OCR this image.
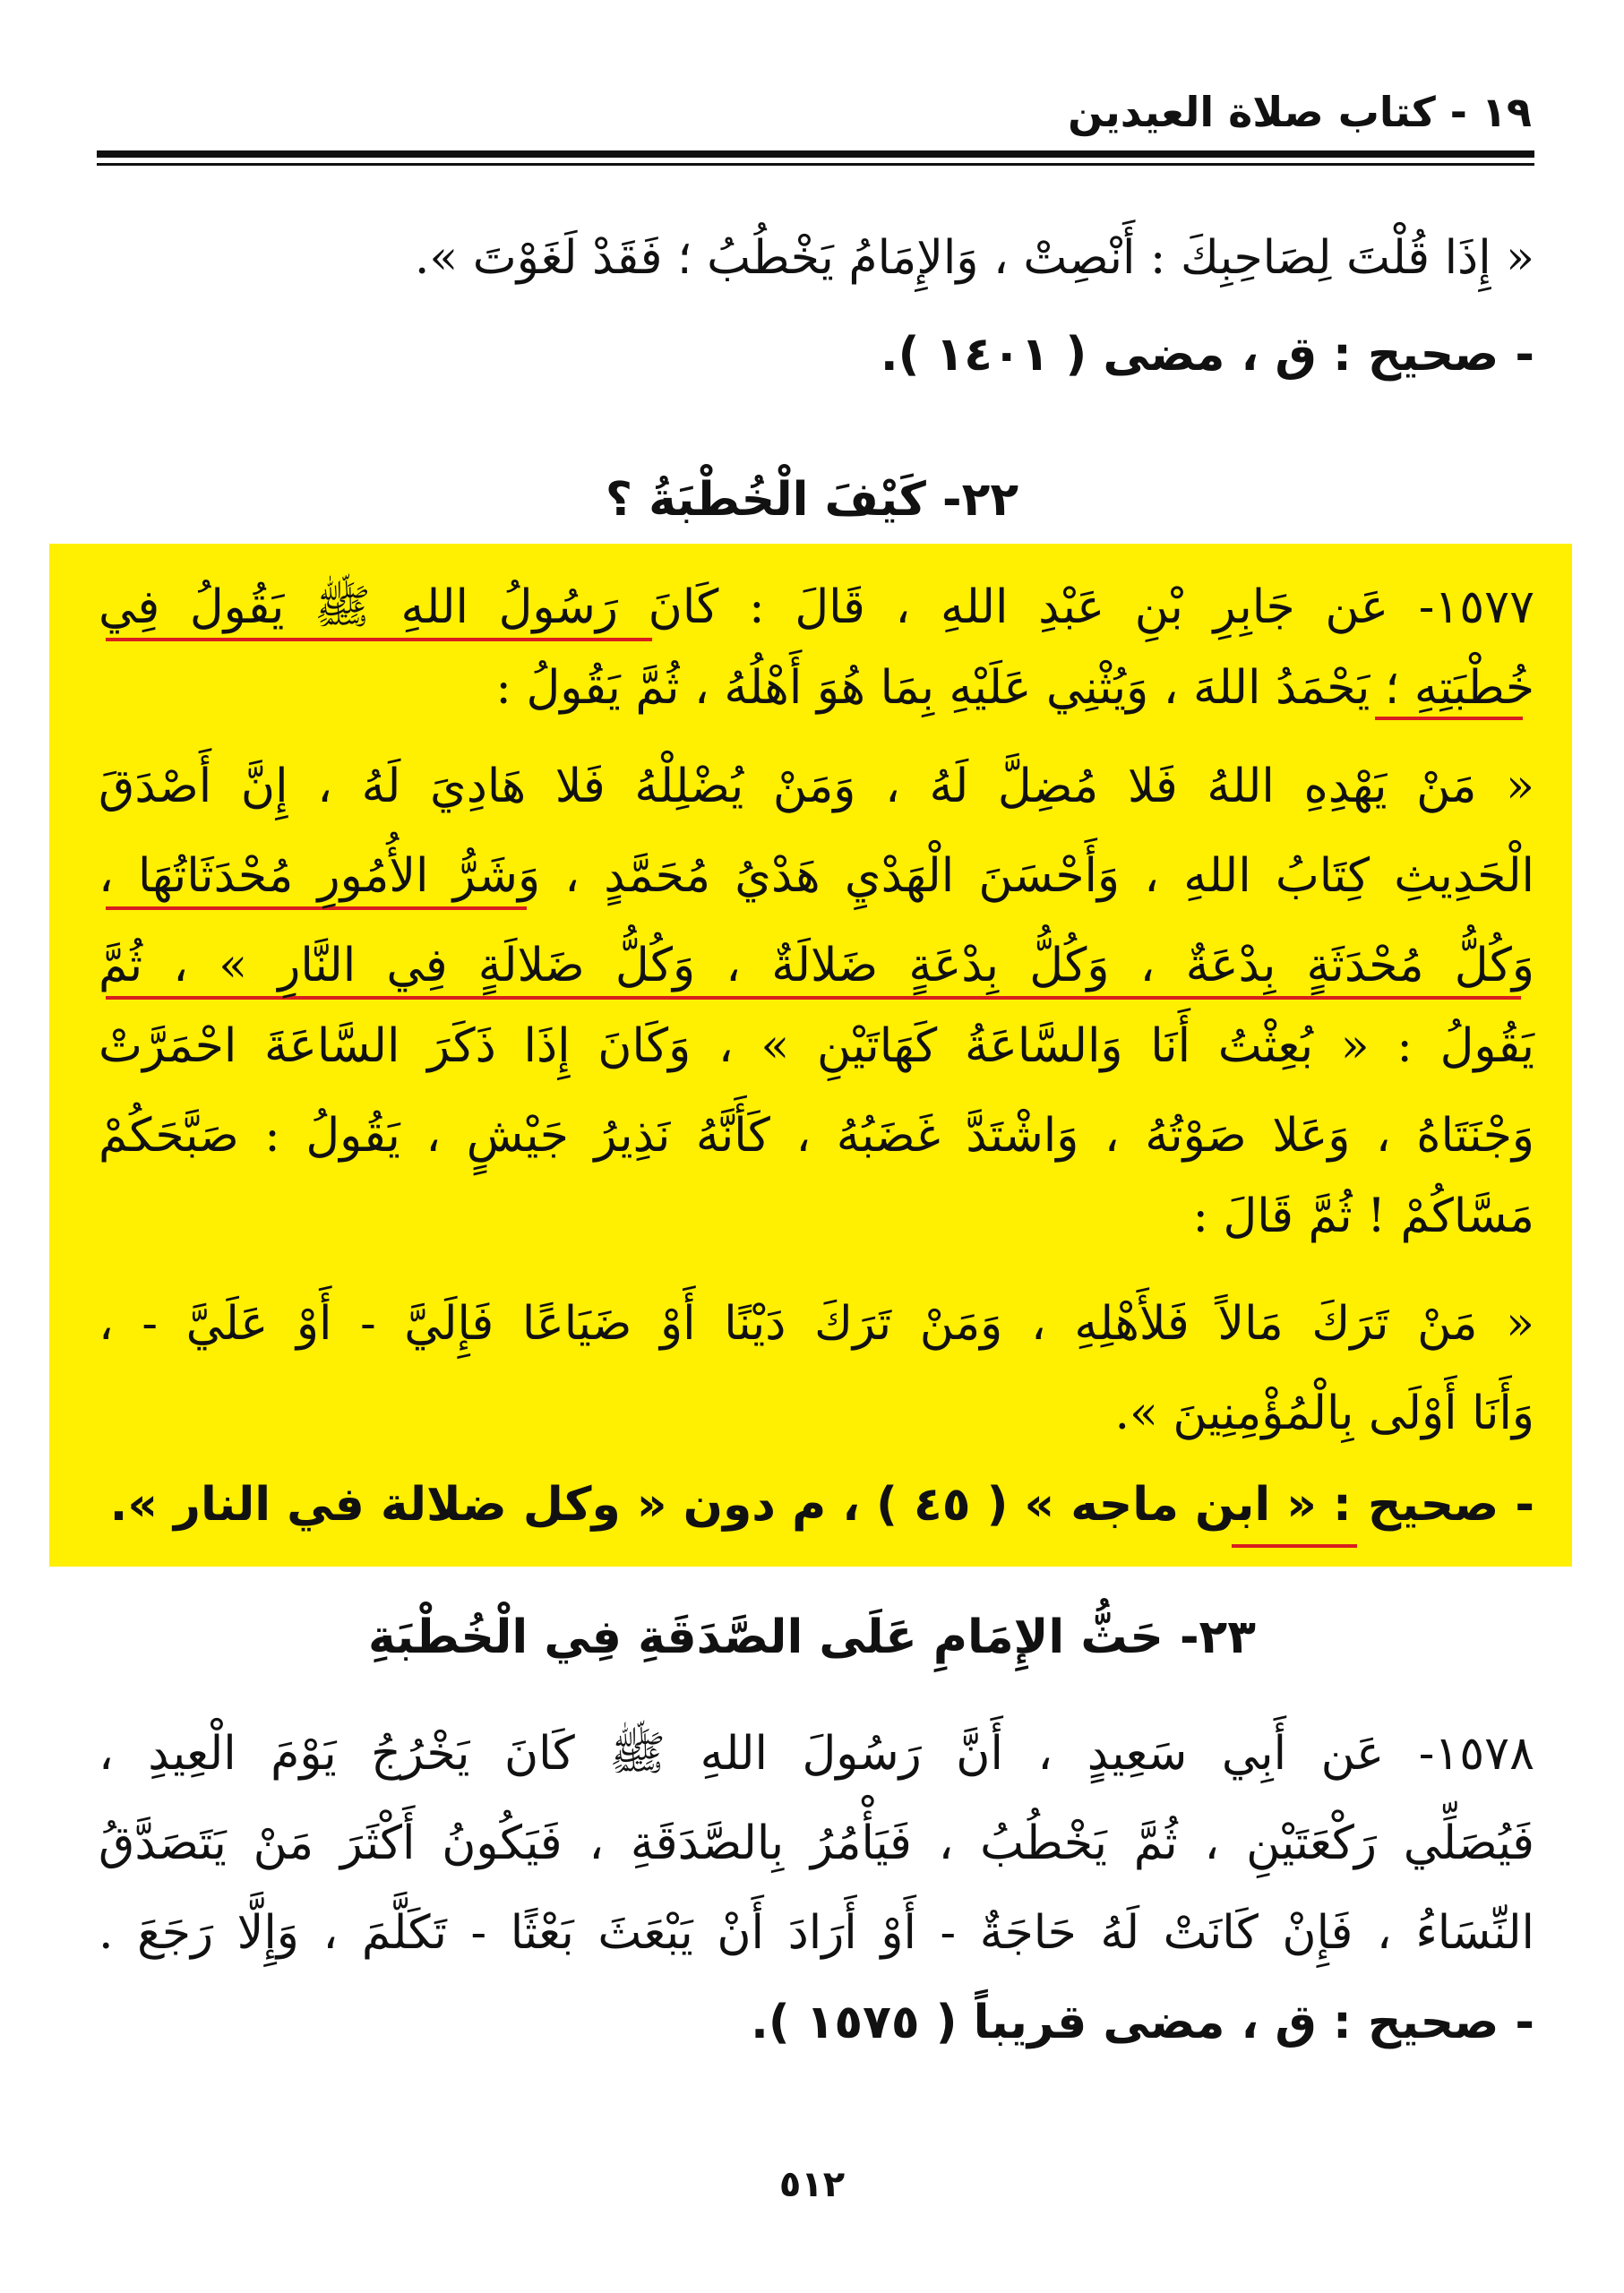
١٩ - كتاب صلاة العيدين
« إِذَا قُلْتَ لِصَاحِبِكَ : أَنْصِتْ ، وَالإِمَامُ يَخْطُبُ ؛ فَقَدْ لَغَوْتَ ».
- صحيح : ق ، مضى ( ١٤٠١ ).
٢٢- كَيْفَ الْخُطْبَةُ ؟
١٥٧٧- عَن جَابِرِ بْنِ عَبْدِ اللهِ ، قَالَ : كَانَ رَسُولُ اللهِ ﷺ يَقُولُ فِي
خُطْبَتِهِ ؛ يَحْمَدُ اللهَ ، وَيُثْنِي عَلَيْهِ بِمَا هُوَ أَهْلُهُ ، ثُمَّ يَقُولُ :
« مَنْ يَهْدِهِ اللهُ فَلا مُضِلَّ لَهُ ، وَمَنْ يُضْلِلْهُ فَلا هَادِيَ لَهُ ، إِنَّ أَصْدَقَ
الْحَدِيثِ كِتَابُ اللهِ ، وَأَحْسَنَ الْهَدْيِ هَدْيُ مُحَمَّدٍ ، وَشَرُّ الأُمُورِ مُحْدَثَاتُهَا ،
وَكُلُّ مُحْدَثَةٍ بِدْعَةٌ ، وَكُلُّ بِدْعَةٍ ضَلالَةٌ ، وَكُلُّ ضَلالَةٍ فِي النَّارِ » ، ثُمَّ
يَقُولُ : « بُعِثْتُ أَنَا وَالسَّاعَةُ كَهَاتَيْنِ » ، وَكَانَ إِذَا ذَكَرَ السَّاعَةَ احْمَرَّتْ
وَجْنَتَاهُ ، وَعَلا صَوْتُهُ ، وَاشْتَدَّ غَضَبُهُ ، كَأَنَّهُ نَذِيرُ جَيْشٍ ، يَقُولُ : صَبَّحَكُمْ
مَسَّاكُمْ ! ثُمَّ قَالَ :
« مَنْ تَرَكَ مَالاً فَلأَهْلِهِ ، وَمَنْ تَرَكَ دَيْنًا أَوْ ضَيَاعًا فَإِلَيَّ - أَوْ عَلَيَّ - ،
وَأَنَا أَوْلَى بِالْمُؤْمِنِينَ ».
- صحيح : « ابن ماجه » ( ٤٥ ) ، م دون « وكل ضلالة في النار ».
٢٣- حَثُّ الإِمَامِ عَلَى الصَّدَقَةِ فِي الْخُطْبَةِ
١٥٧٨- عَن أَبِي سَعِيدٍ ، أَنَّ رَسُولَ اللهِ ﷺ كَانَ يَخْرُجُ يَوْمَ الْعِيدِ ،
فَيُصَلِّي رَكْعَتَيْنِ ، ثُمَّ يَخْطُبُ ، فَيَأْمُرُ بِالصَّدَقَةِ ، فَيَكُونُ أَكْثَرَ مَنْ يَتَصَدَّقُ
النِّسَاءُ ، فَإِنْ كَانَتْ لَهُ حَاجَةٌ - أَوْ أَرَادَ أَنْ يَبْعَثَ بَعْثًا - تَكَلَّمَ ، وَإِلَّا رَجَعَ .
- صحيح : ق ، مضى قريباً ( ١٥٧٥ ).
٥١٢
